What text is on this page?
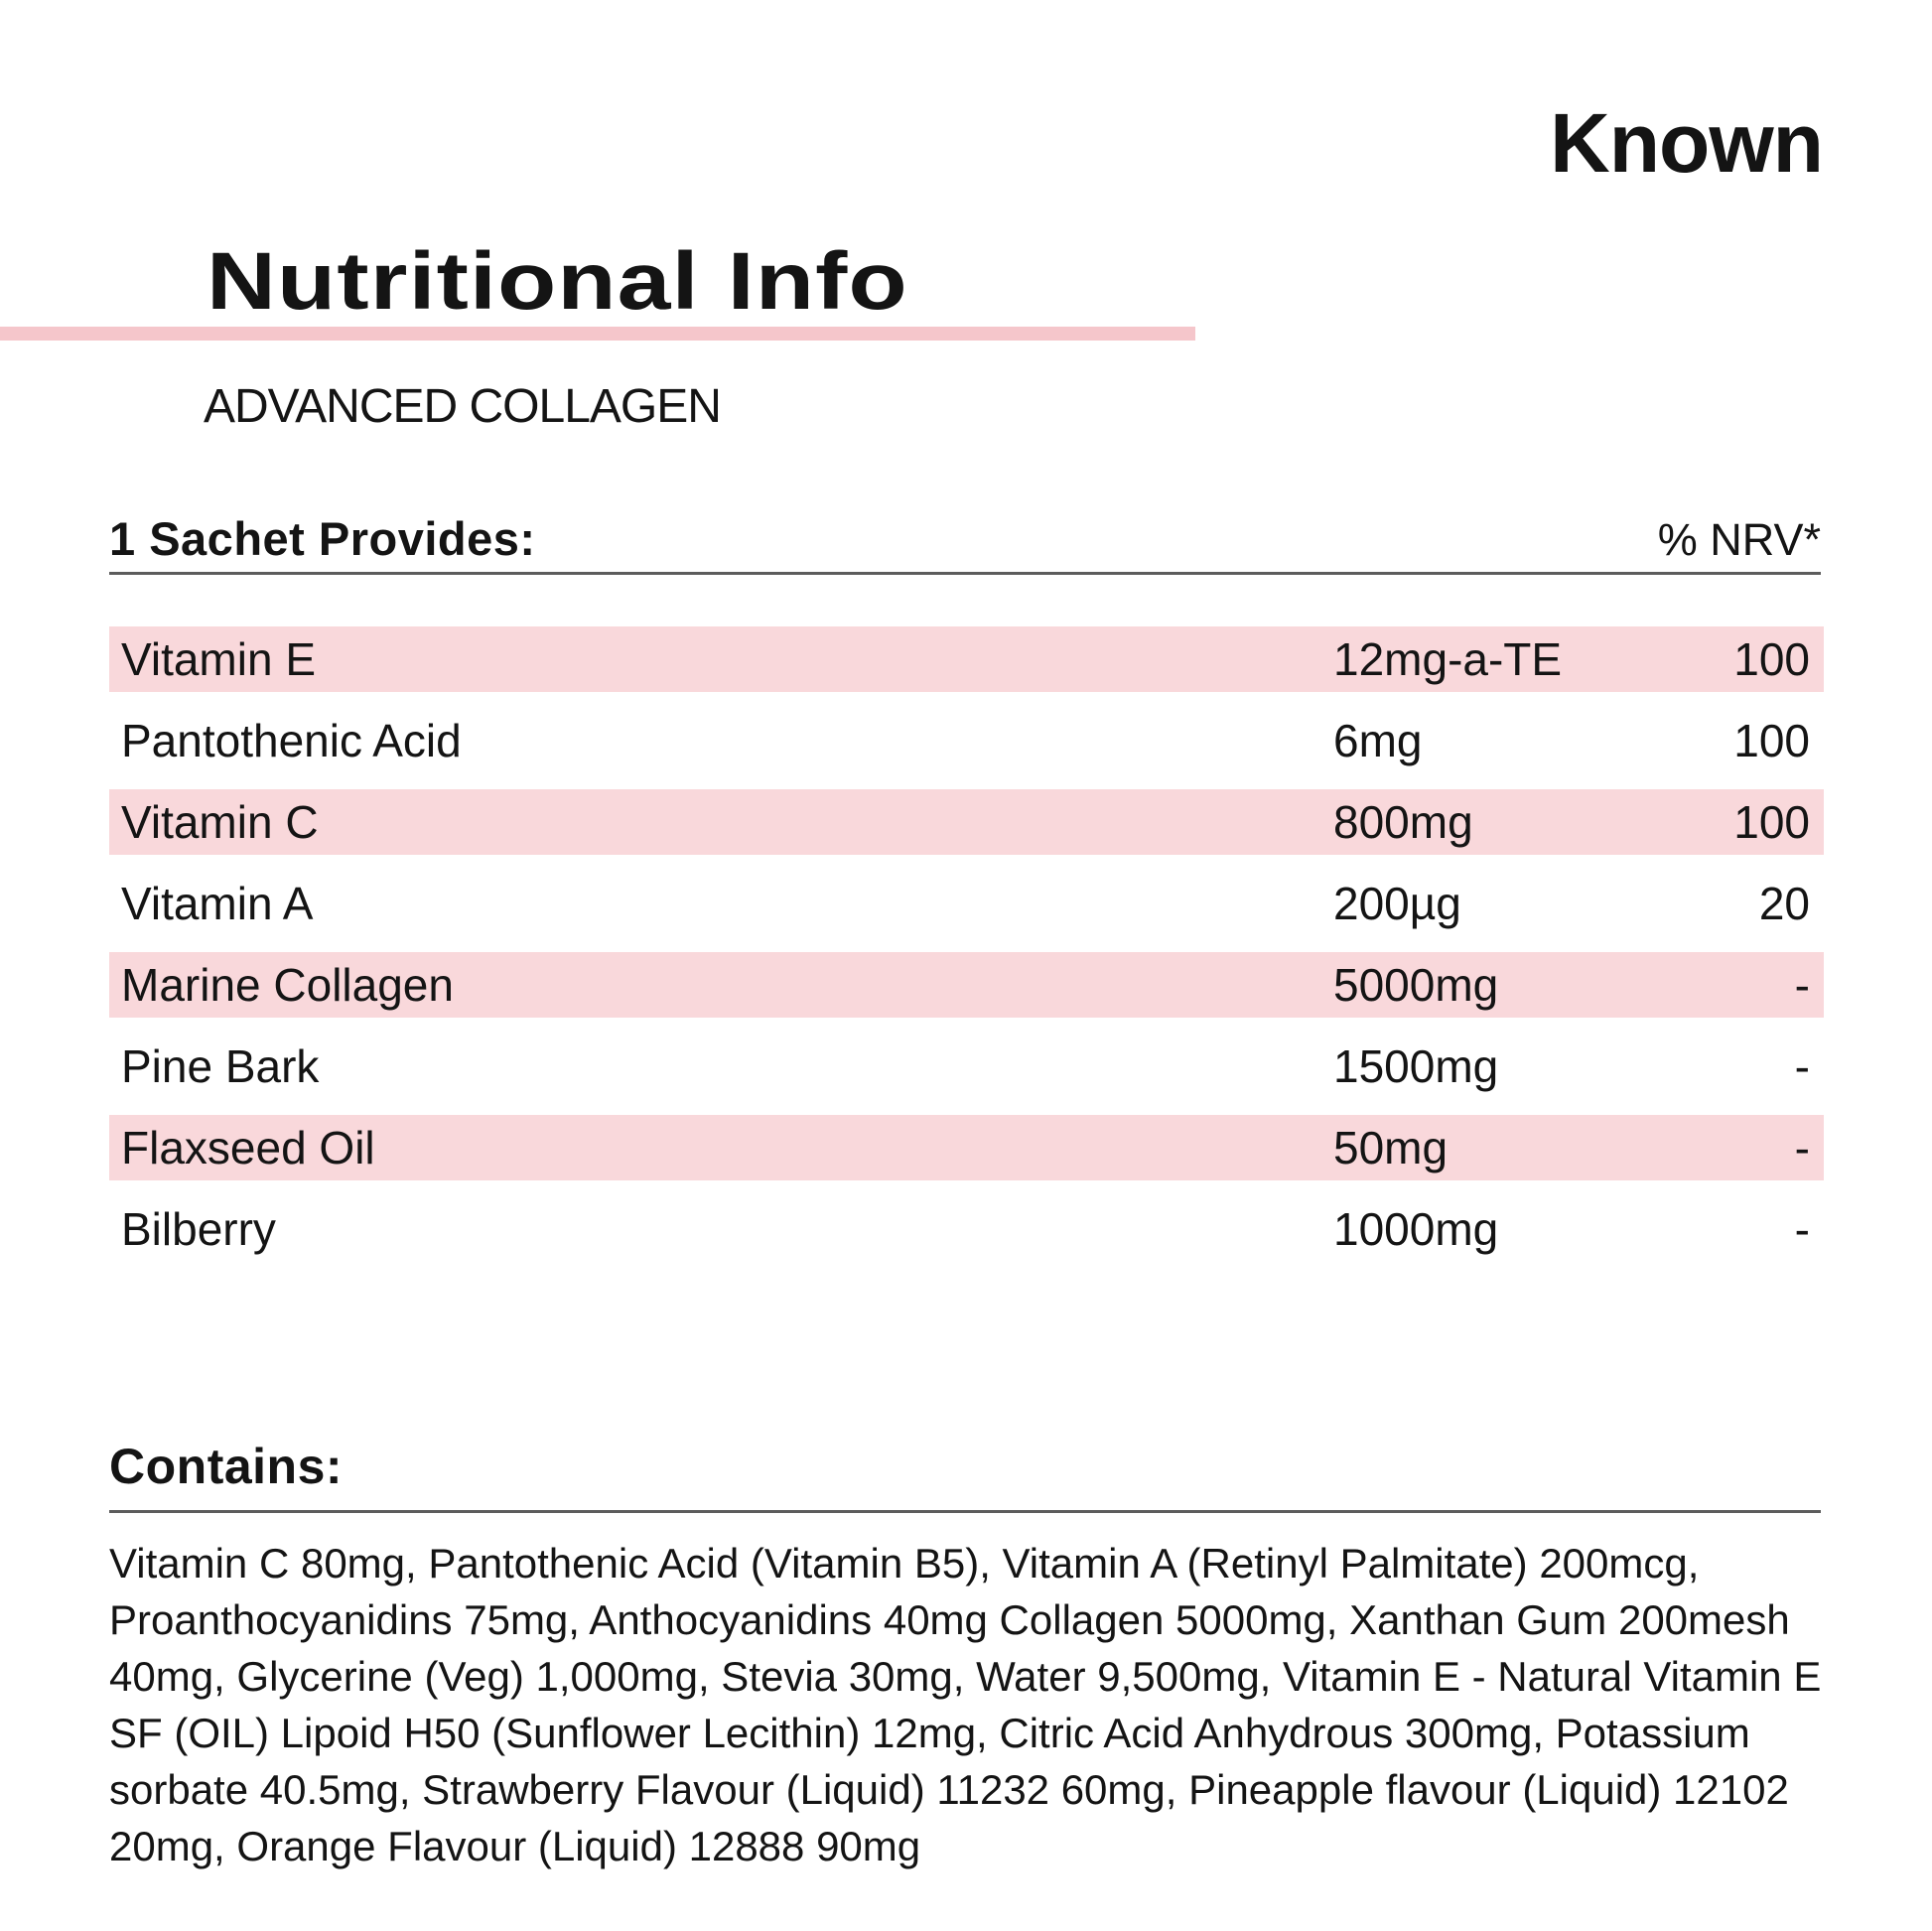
Known
Nutritional Info
ADVANCED COLLAGEN
1 Sachet Provides:	% NRV*
Vitamin E	12mg-a-TE	100
Pantothenic Acid	6mg	100
Vitamin C	800mg	100
Vitamin A	200µg	20
Marine Collagen	5000mg	-
Pine Bark	1500mg	-
Flaxseed Oil	50mg	-
Bilberry	1000mg	-
Contains:

Vitamin C 80mg, Pantothenic Acid (Vitamin B5), Vitamin A (Retinyl Palmitate) 200mcg, Proanthocyanidins 75mg, Anthocyanidins 40mg Collagen 5000mg, Xanthan Gum 200mesh 40mg, Glycerine (Veg) 1,000mg, Stevia 30mg, Water 9,500mg, Vitamin E - Natural Vitamin E SF (OIL) Lipoid H50 (Sunflower Lecithin) 12mg, Citric Acid Anhydrous 300mg, Potassium sorbate 40.5mg, Strawberry Flavour (Liquid) 11232 60mg, Pineapple flavour (Liquid) 12102 20mg, Orange Flavour (Liquid) 12888 90mg
